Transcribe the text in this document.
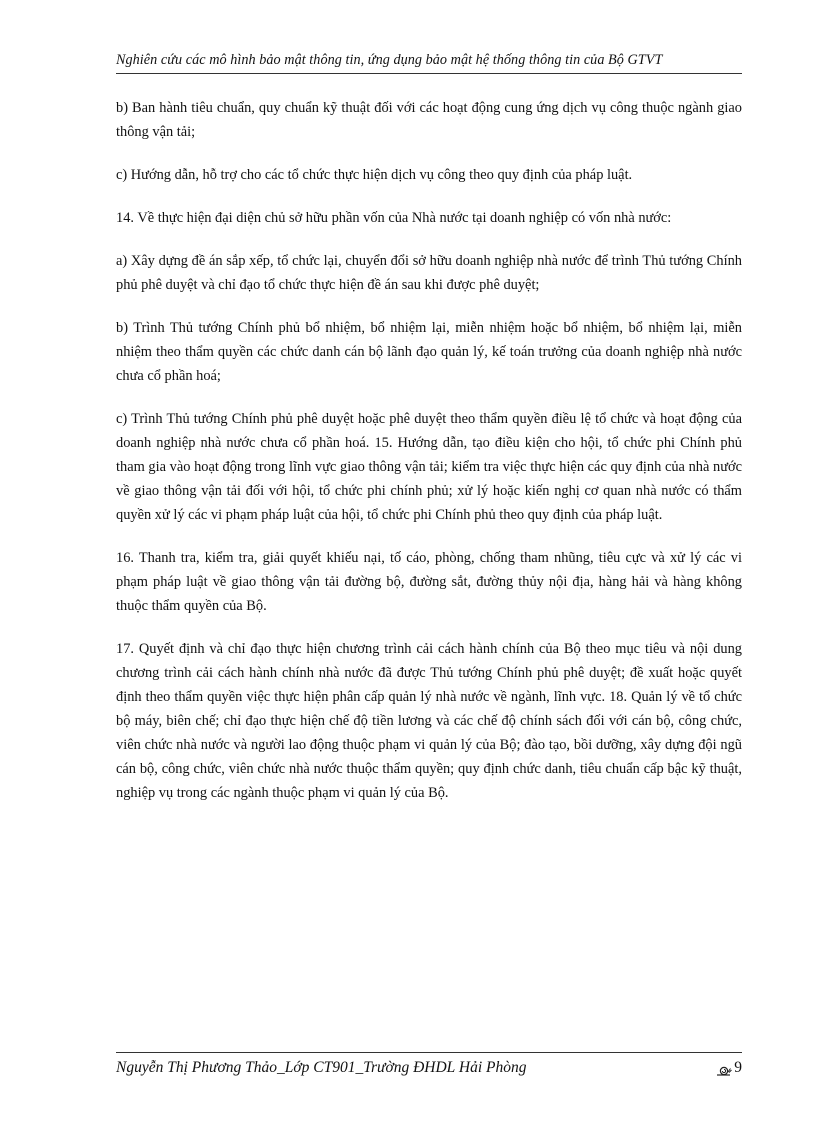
Nghiên cứu các mô hình bảo mật thông tin, ứng dụng bảo mật hệ thống thông tin của Bộ GTVT

b) Ban hành tiêu chuẩn, quy chuẩn kỹ thuật đối với các hoạt động cung ứng dịch vụ công thuộc ngành giao thông vận tải;

c) Hướng dẫn, hỗ trợ cho các tổ chức thực hiện dịch vụ công theo quy định của pháp luật.

14. Về thực hiện đại diện chủ sở hữu phần vốn của Nhà nước tại doanh nghiệp có vốn nhà nước:

a) Xây dựng đề án sắp xếp, tổ chức lại, chuyển đổi sở hữu doanh nghiệp nhà nước để trình Thủ tướng Chính phủ phê duyệt và chỉ đạo tổ chức thực hiện đề án sau khi được phê duyệt;

b) Trình Thủ tướng Chính phủ bổ nhiệm, bổ nhiệm lại, miễn nhiệm hoặc bổ nhiệm, bổ nhiệm lại, miễn nhiệm theo thẩm quyền các chức danh cán bộ lãnh đạo quản lý, kế toán trưởng của doanh nghiệp nhà nước chưa cổ phần hoá;

c) Trình Thủ tướng Chính phủ phê duyệt hoặc phê duyệt theo thẩm quyền điều lệ tổ chức và hoạt động của doanh nghiệp nhà nước chưa cổ phần hoá. 15. Hướng dẫn, tạo điều kiện cho hội, tổ chức phi Chính phủ tham gia vào hoạt động trong lĩnh vực giao thông vận tải; kiểm tra việc thực hiện các quy định của nhà nước về giao thông vận tải đối với hội, tổ chức phi chính phủ; xử lý hoặc kiến nghị cơ quan nhà nước có thẩm quyền xử lý các vi phạm pháp luật của hội, tổ chức phi Chính phủ theo quy định của pháp luật.

16. Thanh tra, kiểm tra, giải quyết khiếu nại, tố cáo, phòng, chống tham nhũng, tiêu cực và xử lý các vi phạm pháp luật về giao thông vận tải đường bộ, đường sắt, đường thủy nội địa, hàng hải và hàng không thuộc thẩm quyền của Bộ.

17. Quyết định và chỉ đạo thực hiện chương trình cải cách hành chính của Bộ theo mục tiêu và nội dung chương trình cải cách hành chính nhà nước đã được Thủ tướng Chính phủ phê duyệt; đề xuất hoặc quyết định theo thẩm quyền việc thực hiện phân cấp quản lý nhà nước về ngành, lĩnh vực. 18. Quản lý về tổ chức bộ máy, biên chế; chỉ đạo thực hiện chế độ tiền lương và các chế độ chính sách đối với cán bộ, công chức, viên chức nhà nước và người lao động thuộc phạm vi quản lý của Bộ; đào tạo, bồi dưỡng, xây dựng đội ngũ cán bộ, công chức, viên chức nhà nước thuộc thẩm quyền; quy định chức danh, tiêu chuẩn cấp bậc kỹ thuật, nghiệp vụ trong các ngành thuộc phạm vi quản lý của Bộ.

Nguyễn Thị Phương Thảo_Lớp CT901_Trường ĐHDL Hải Phòng	9
